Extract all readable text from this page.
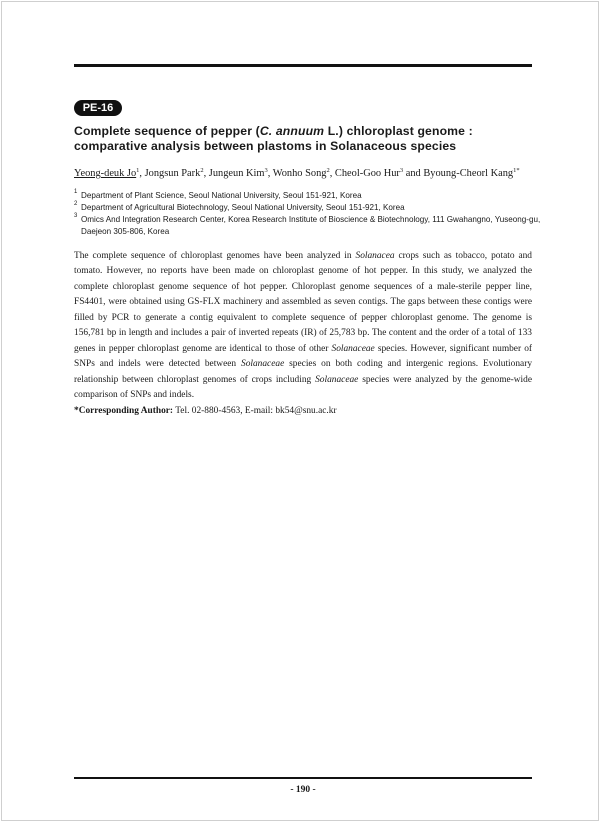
PE-16
Complete sequence of pepper (C. annuum L.) chloroplast genome : comparative analysis between plastoms in Solanaceous species
Yeong-deuk Jo$^1$, Jongsun Park$^2$, Jungeun Kim$^3$, Wonho Song$^2$, Cheol-Goo Hur$^3$ and Byoung-Cheorl Kang$^{1*}$
1 Department of Plant Science, Seoul National University, Seoul 151-921, Korea
2 Department of Agricultural Biotechnology, Seoul National University, Seoul 151-921, Korea
3 Omics And Integration Research Center, Korea Research Institute of Bioscience & Biotechnology, 111 Gwahangno, Yuseong-gu, Daejeon 305-806, Korea
The complete sequence of chloroplast genomes have been analyzed in Solanacea crops such as tobacco, potato and tomato. However, no reports have been made on chloroplast genome of hot pepper. In this study, we analyzed the complete chloroplast genome sequence of hot pepper. Chloroplast genome sequences of a male-sterile pepper line, FS4401, were obtained using GS-FLX machinery and assembled as seven contigs. The gaps between these contigs were filled by PCR to generate a contig equivalent to complete sequence of pepper chloroplast genome. The genome is 156,781 bp in length and includes a pair of inverted repeats (IR) of 25,783 bp. The content and the order of a total of 133 genes in pepper chloroplast genome are identical to those of other Solanaceae species. However, significant number of SNPs and indels were detected between Solanaceae species on both coding and intergenic regions. Evolutionary relationship between chloroplast genomes of crops including Solanaceae species were analyzed by the genome-wide comparison of SNPs and indels.
*Corresponding Author: Tel. 02-880-4563, E-mail: bk54@snu.ac.kr
- 190 -
